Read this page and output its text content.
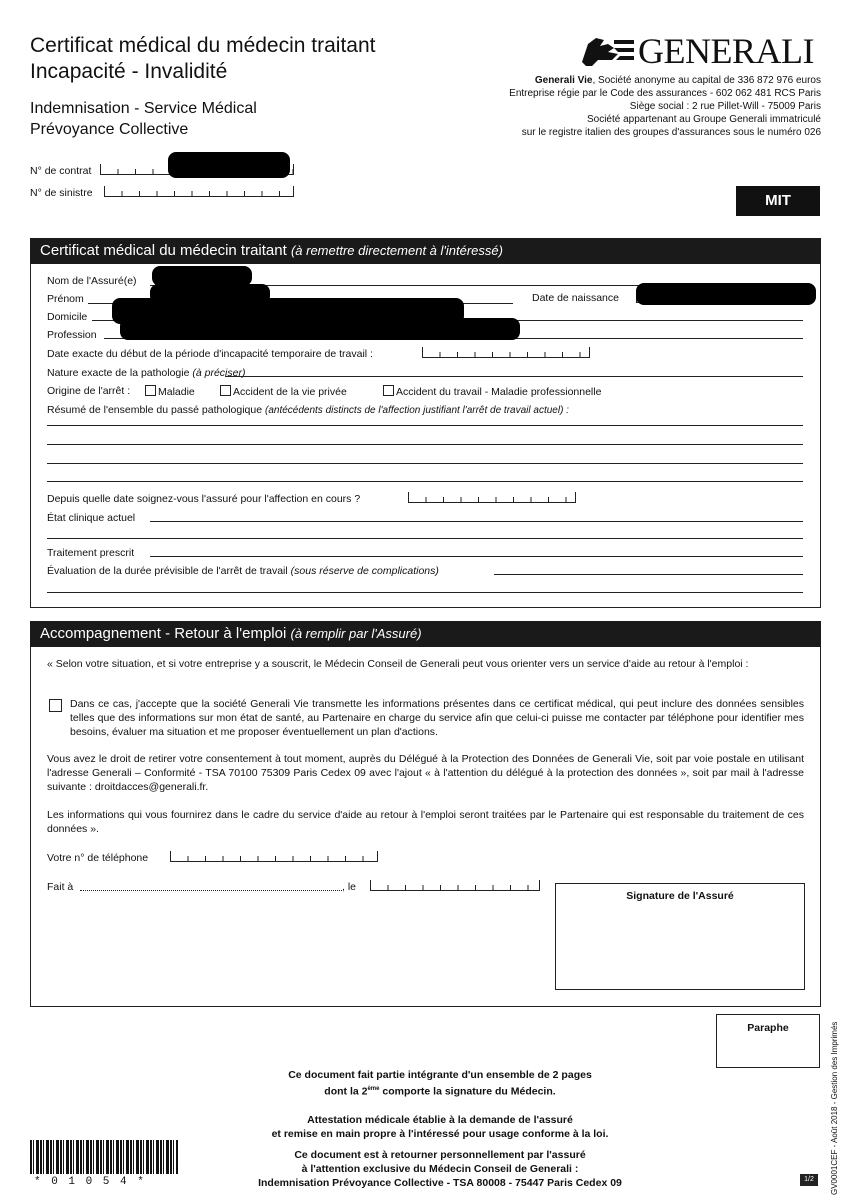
Certificat médical du médecin traitant
Incapacité - Invalidité
Indemnisation - Service Médical
Prévoyance Collective
GENERALI
Generali Vie, Société anonyme au capital de 336 872 976 euros
Entreprise régie par le Code des assurances - 602 062 481 RCS Paris
Siège social : 2 rue Pillet-Will - 75009 Paris
Société appartenant au Groupe Generali immatriculé
sur le registre italien des groupes d'assurances sous le numéro 026
N° de contrat
N° de sinistre	MIT
Certificat médical du médecin traitant (à remettre directement à l'intéressé)
Nom de l'Assuré(e)
Prénom	Date de naissance
Domicile
Profession
Date exacte du début de la période d'incapacité temporaire de travail :
Nature exacte de la pathologie (à préciser)
Origine de l'arrêt :	Maladie	Accident de la vie privée	Accident du travail - Maladie professionnelle
Résumé de l'ensemble du passé pathologique (antécédents distincts de l'affection justifiant l'arrêt de travail actuel) :
Depuis quelle date soignez-vous l'assuré pour l'affection en cours ?
État clinique actuel
Traitement prescrit
Évaluation de la durée prévisible de l'arrêt de travail (sous réserve de complications)
Accompagnement - Retour à l'emploi (à remplir par l'Assuré)

« Selon votre situation, et si votre entreprise y a souscrit, le Médecin Conseil de Generali peut vous orienter vers un service d'aide au retour à l'emploi :

Dans ce cas, j'accepte que la société Generali Vie transmette les informations présentes dans ce certificat médical, qui peut inclure des données sensibles telles que des informations sur mon état de santé, au Partenaire en charge du service afin que celui-ci puisse me contacter par téléphone pour identifier mes besoins, évaluer ma situation et me proposer éventuellement un plan d'actions.

Vous avez le droit de retirer votre consentement à tout moment, auprès du Délégué à la Protection des Données de Generali Vie, soit par voie postale en utilisant l'adresse Generali – Conformité - TSA 70100 75309 Paris Cedex 09 avec l'ajout « à l'attention du délégué à la protection des données », soit par mail à l'adresse suivante : droitdacces@generali.fr.

Les informations qui vous fournirez dans le cadre du service d'aide au retour à l'emploi seront traitées par le Partenaire qui est responsable du traitement de ces données ».

Votre n° de téléphone
Fait à	, le
Signature de l'Assuré
Paraphe
Ce document fait partie intégrante d'un ensemble de 2 pages
dont la 2ème comporte la signature du Médecin.
Attestation médicale établie à la demande de l'assuré
et remise en main propre à l'intéressé pour usage conforme à la loi.
Ce document est à retourner personnellement par l'assuré
à l'attention exclusive du Médecin Conseil de Generali :
Indemnisation Prévoyance Collective - TSA 80008 - 75447 Paris Cedex 09
* 0 1 0 5 4 *	GV0001CEF - Août 2018 - Gestion des Imprimés
1/2
